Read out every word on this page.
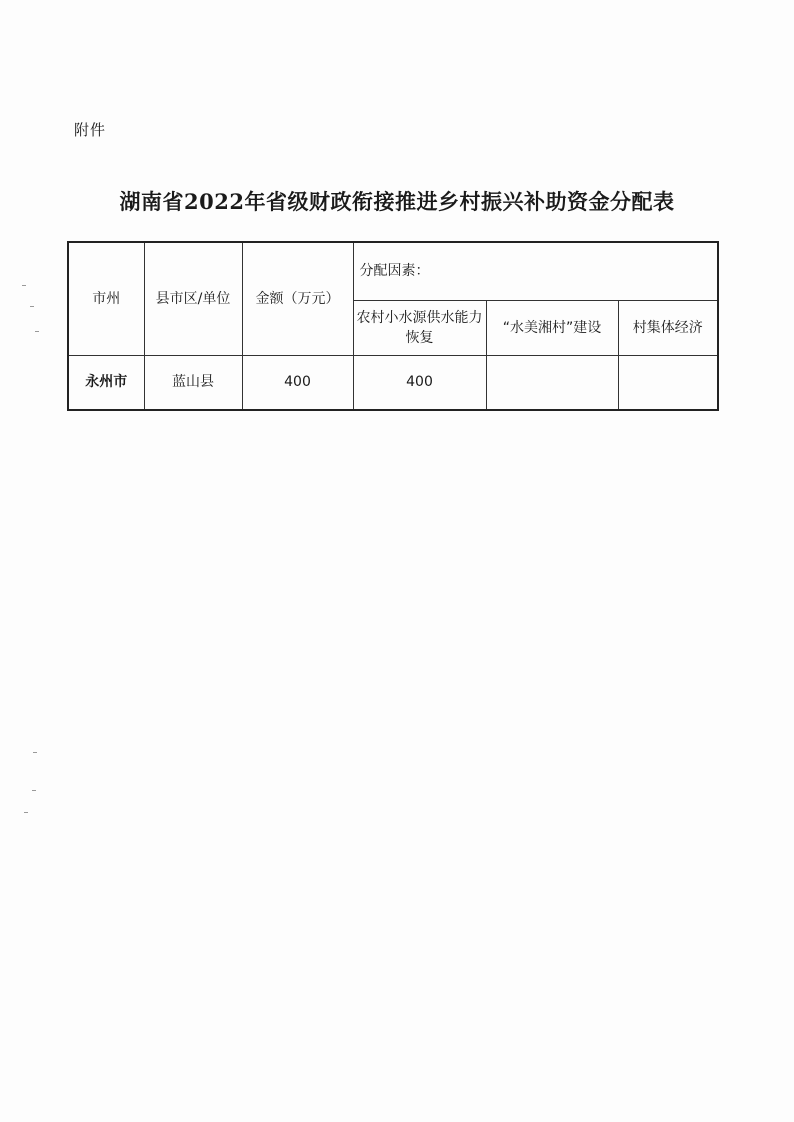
附件
湖南省2022年省级财政衔接推进乡村振兴补助资金分配表
市州	县市区/单位	金额（万元）	分配因素：		
			农村小水源供水能力恢复	“水美湘村”建设	村集体经济
永州市	蓝山县	400	400		
